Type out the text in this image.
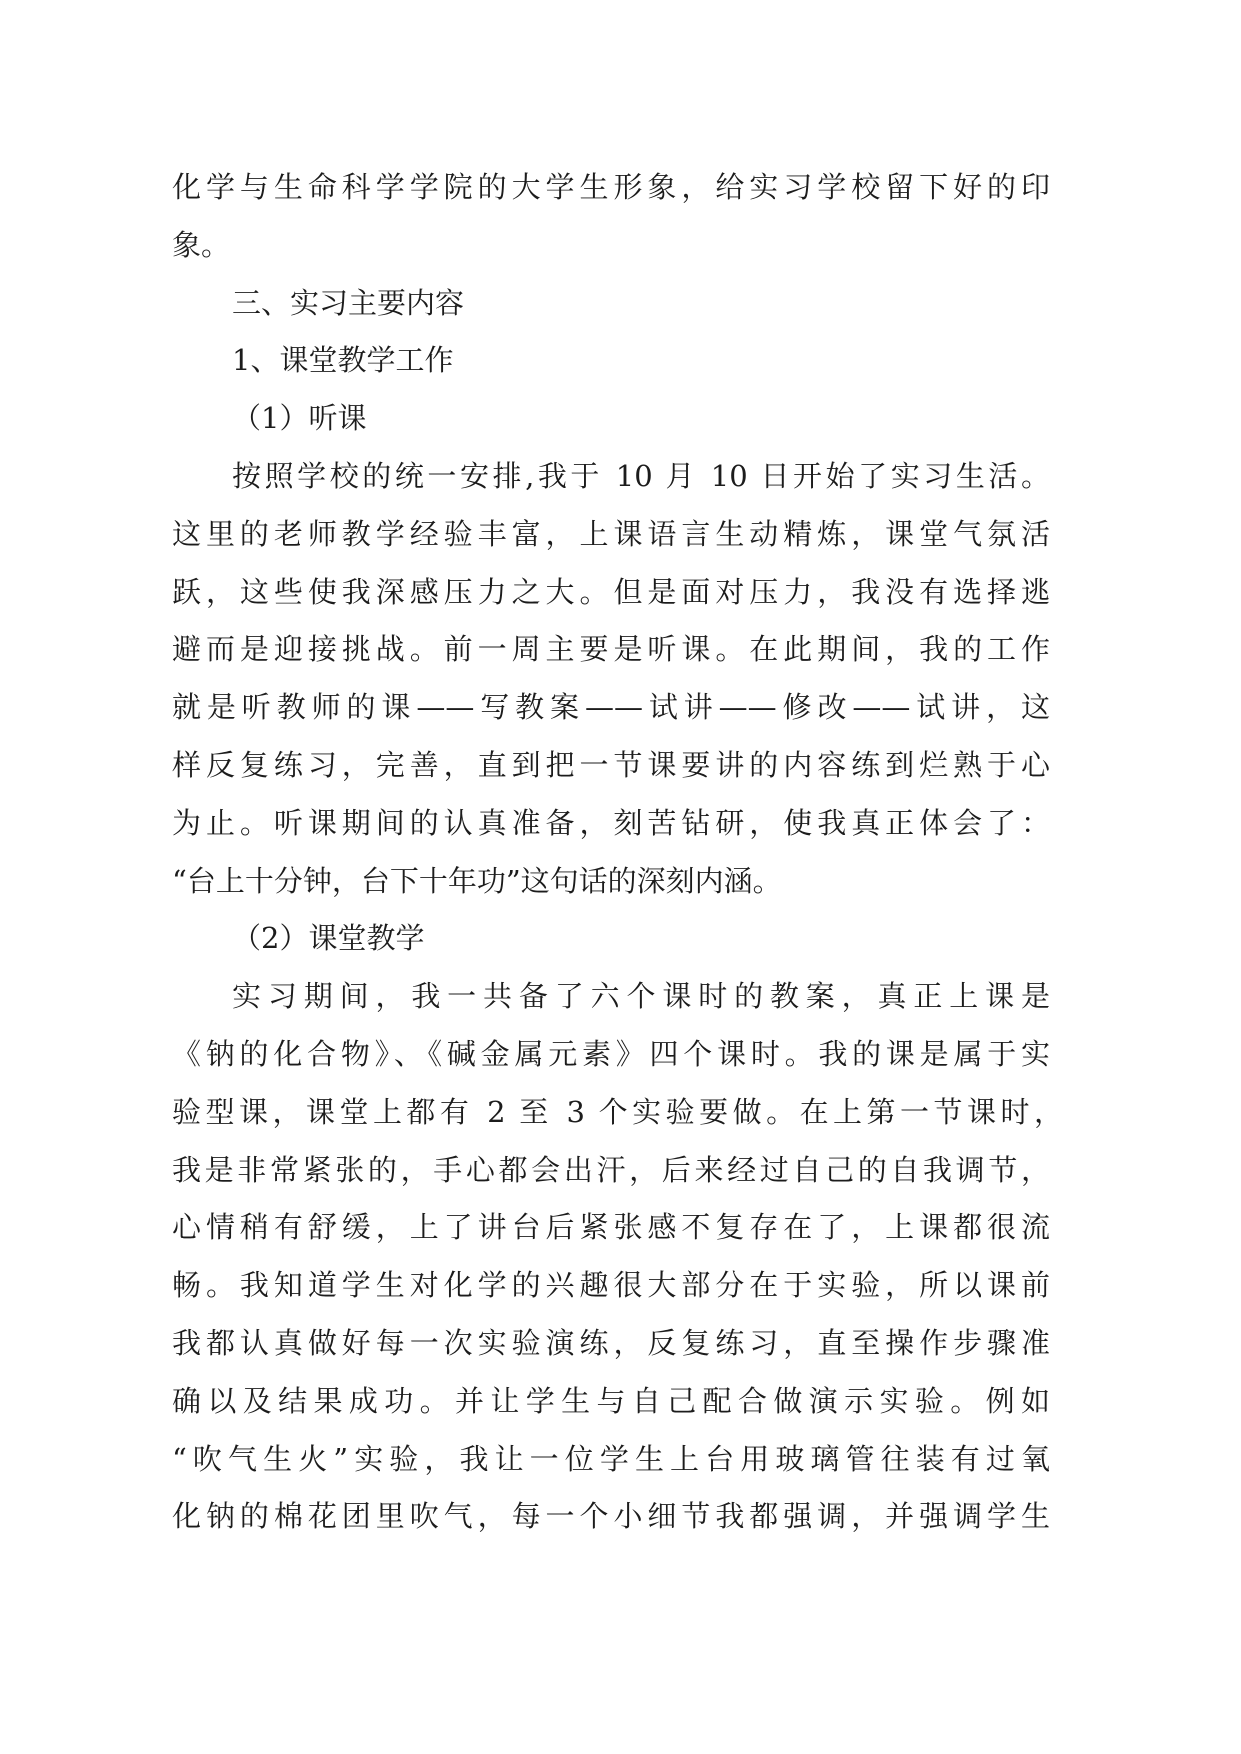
化学与生命科学学院的大学生形象，给实习学校留下好的印
象。
三、实习主要内容
1、课堂教学工作
（1）听课
按照学校的统一安排,我于 10 月 10 日开始了实习生活。
这里的老师教学经验丰富，上课语言生动精炼，课堂气氛活
跃，这些使我深感压力之大。但是面对压力，我没有选择逃
避而是迎接挑战。前一周主要是听课。在此期间，我的工作
就是听教师的课——写教案——试讲——修改——试讲，这
样反复练习，完善，直到把一节课要讲的内容练到烂熟于心
为止。听课期间的认真准备，刻苦钻研，使我真正体会了：
“台上十分钟，台下十年功”这句话的深刻内涵。
（2）课堂教学
实习期间，我一共备了六个课时的教案，真正上课是
《钠的化合物》、《碱金属元素》四个课时。我的课是属于实
验型课，课堂上都有 2 至 3 个实验要做。在上第一节课时，
我是非常紧张的，手心都会出汗，后来经过自己的自我调节，
心情稍有舒缓，上了讲台后紧张感不复存在了，上课都很流
畅。我知道学生对化学的兴趣很大部分在于实验，所以课前
我都认真做好每一次实验演练，反复练习，直至操作步骤准
确以及结果成功。并让学生与自己配合做演示实验。例如
“吹气生火”实验，我让一位学生上台用玻璃管往装有过氧
化钠的棉花团里吹气，每一个小细节我都强调，并强调学生
